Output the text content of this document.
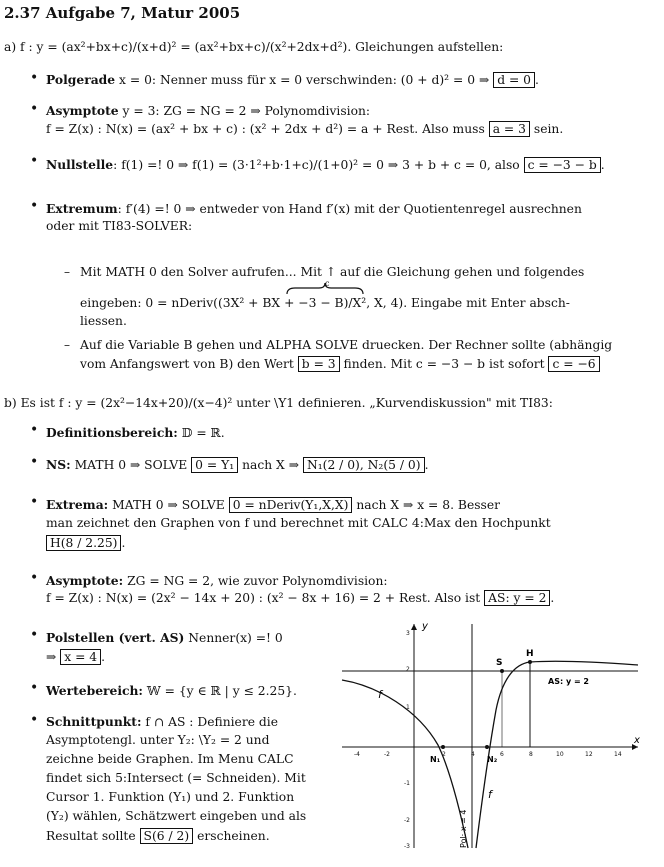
2.37 Aufgabe 7, Matur 2005
a) f : y = (ax²+bx+c)/(x+d)² = (ax²+bx+c)/(x²+2dx+d²). Gleichungen aufstellen:
• Polgerade x = 0: Nenner muss für x = 0 verschwinden: (0 + d)² = 0 ⇒ d = 0 .
• Asymptote y = 3: ZG = NG = 2 ⇒ Polynomdivision:
f = Z(x) : N(x) = (ax² + bx + c) : (x² + 2dx + d²) = a + Rest. Also muss a = 3 sein.
• Nullstelle: f(1) =! 0 ⇒ f(1) = (3·1²+b·1+c)/(1+0)² = 0 ⇒ 3 + b + c = 0, also c = −3 − b .
• Extremum: f′(4) =! 0 ⇒ entweder von Hand f′(x) mit der Quotientenregel ausrechnen
oder mit TI83-SOLVER:
– Mit MATH 0 den Solver aufrufen... Mit ↑ auf die Gleichung gehen und folgendes
c
eingeben: 0 = nDeriv((3X² + BX + −3 − B)/X², X, 4). Eingabe mit Enter absch-
liessen.
– Auf die Variable B gehen und ALPHA SOLVE druecken. Der Rechner sollte (abhängig
vom Anfangswert von B) den Wert b = 3 finden. Mit c = −3 − b ist sofort c = −6
b) Es ist f : y = (2x²−14x+20)/(x−4)² unter \Y1 definieren. „Kurvendiskussion" mit TI83:
• Definitionsbereich: 𝔻 = ℝ.
• NS: MATH 0 ⇒ SOLVE 0 = Y₁ nach X ⇒ N₁(2 / 0), N₂(5 / 0) .
• Extrema: MATH 0 ⇒ SOLVE 0 = nDeriv(Y₁,X,X) nach X ⇒ x = 8. Besser
man zeichnet den Graphen von f und berechnet mit CALC 4:Max den Hochpunkt
H(8 / 2.25) .
• Asymptote: ZG = NG = 2, wie zuvor Polynomdivision:
f = Z(x) : N(x) = (2x² − 14x + 20) : (x² − 8x + 16) = 2 + Rest. Also ist AS: y = 2 .
• Polstellen (vert. AS) Nenner(x) =! 0
⇒ x = 4 .
• Wertebereich: 𝕎 = {y ∈ ℝ | y ≤ 2.25}.
• Schnittpunkt: f ∩ AS : Definiere die
Asymptotengl. unter Y₂: \Y₂ = 2 und
zeichne beide Graphen. Im Menu CALC
findet sich 5:Intersect (= Schneiden). Mit
Cursor 1. Funktion (Y₁) und 2. Funktion
(Y₂) wählen, Schätzwert eingeben und als
Resultat sollte S(6 / 2) erscheinen.
y
x
-4	-2	2	4	6	8	10	12	14
3
2
1
-1
-2
-3
AS: y = 2
Pol: x = 4
H
S
f
f
N₁	N₂
